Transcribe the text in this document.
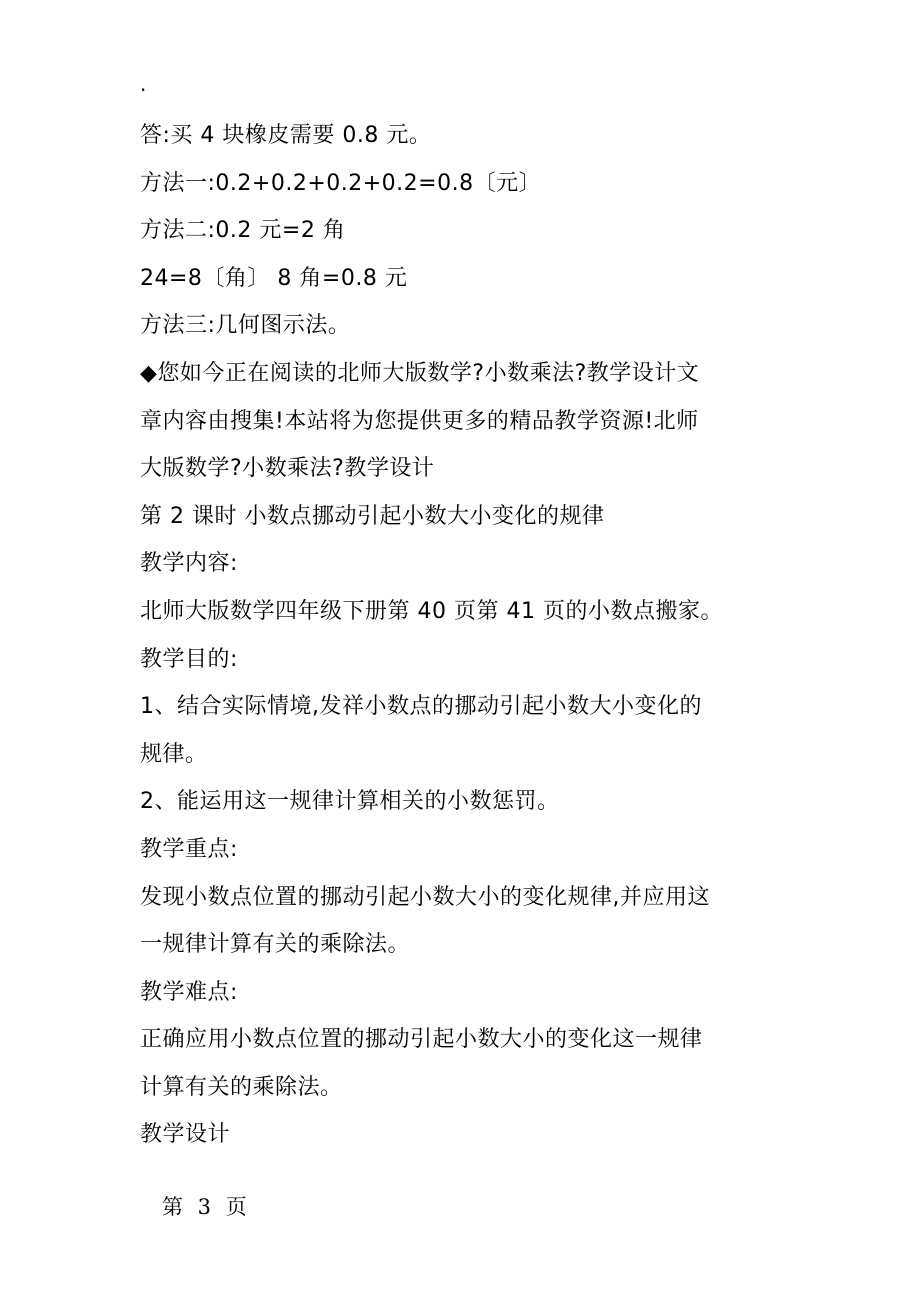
.
答:买 4 块橡皮需要 0.8 元。
方法一:0.2+0.2+0.2+0.2=0.8〔元〕
方法二:0.2 元=2 角
24=8〔角〕 8 角=0.8 元
方法三:几何图示法。
◆您如今正在阅读的北师大版数学?小数乘法?教学设计文
章内容由搜集!本站将为您提供更多的精品教学资源!北师
大版数学?小数乘法?教学设计
第 2 课时 小数点挪动引起小数大小变化的规律
教学内容:
北师大版数学四年级下册第 40 页第 41 页的小数点搬家。
教学目的:
1、结合实际情境,发祥小数点的挪动引起小数大小变化的
规律。
2、能运用这一规律计算相关的小数惩罚。
教学重点:
发现小数点位置的挪动引起小数大小的变化规律,并应用这
一规律计算有关的乘除法。
教学难点:
正确应用小数点位置的挪动引起小数大小的变化这一规律
计算有关的乘除法。
教学设计
第 3 页
